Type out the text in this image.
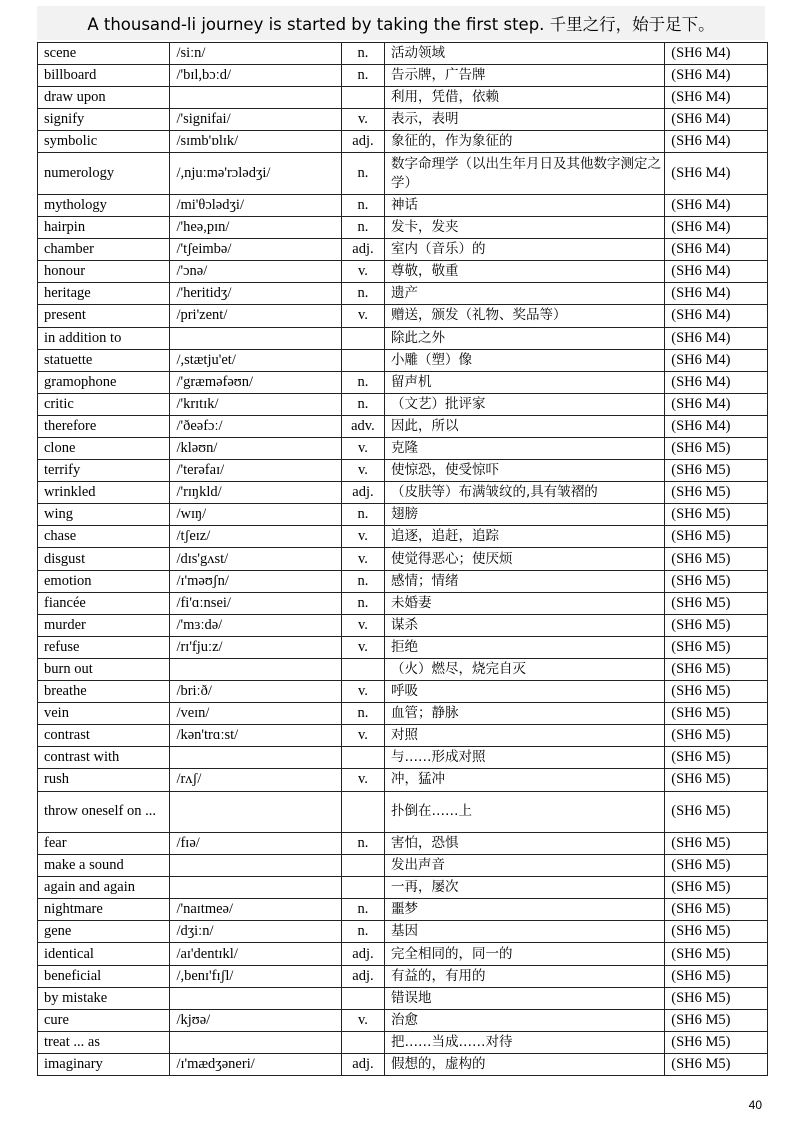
A thousand-li journey is started by taking the first step. 千里之行，始于足下。
scene	/siːn/	n.	活动领域	(SH6 M4)
billboard	/'bɪl,bɔːd/	n.	告示牌，广告牌	(SH6 M4)
draw upon			利用，凭借，依赖	(SH6 M4)
signify	/'signifai/	v.	表示，表明	(SH6 M4)
symbolic	/sɪmb'ɒlɪk/	adj.	象征的，作为象征的	(SH6 M4)
numerology	/,njuːmə'rɔlədʒi/	n.	数字命理学（以出生年月日及其他数字测定之学）	(SH6 M4)
mythology	/mi'θɔlədʒi/	n.	神话	(SH6 M4)
hairpin	/'heə,pɪn/	n.	发卡，发夹	(SH6 M4)
chamber	/'tʃeimbə/	adj.	室内（音乐）的	(SH6 M4)
honour	/'ɔnə/	v.	尊敬，敬重	(SH6 M4)
heritage	/'heritidʒ/	n.	遗产	(SH6 M4)
present	/pri'zent/	v.	赠送，颁发（礼物、奖品等）	(SH6 M4)
in addition to			除此之外	(SH6 M4)
statuette	/,stætju'et/		小雕（塑）像	(SH6 M4)
gramophone	/'græməfəʊn/	n.	留声机	(SH6 M4)
critic	/'krɪtɪk/	n.	（文艺）批评家	(SH6 M4)
therefore	/'ðeəfɔː/	adv.	因此，所以	(SH6 M4)
clone	/kləʊn/	v.	克隆	(SH6 M5)
terrify	/'terəfaɪ/	v.	使惊恐，使受惊吓	(SH6 M5)
wrinkled	/'rɪŋkld/	adj.	（皮肤等）布满皱纹的,具有皱褶的	(SH6 M5)
wing	/wɪŋ/	n.	翅膀	(SH6 M5)
chase	/tʃeɪz/	v.	追逐，追赶，追踪	(SH6 M5)
disgust	/dɪs'gʌst/	v.	使觉得恶心；使厌烦	(SH6 M5)
emotion	/ɪ'məʊʃn/	n.	感情；情绪	(SH6 M5)
fiancée	/fi'ɑːnsei/	n.	未婚妻	(SH6 M5)
murder	/'mɜːdə/	v.	谋杀	(SH6 M5)
refuse	/rɪ'fjuːz/	v.	拒绝	(SH6 M5)
burn out			（火）燃尽，烧完自灭	(SH6 M5)
breathe	/briːð/	v.	呼吸	(SH6 M5)
vein	/veɪn/	n.	血管；静脉	(SH6 M5)
contrast	/kən'trɑːst/	v.	对照	(SH6 M5)
contrast with			与……形成对照	(SH6 M5)
rush	/rʌʃ/	v.	冲，猛冲	(SH6 M5)
throw oneself on ...			扑倒在……上	(SH6 M5)
fear	/fɪə/	n.	害怕，恐惧	(SH6 M5)
make a sound			发出声音	(SH6 M5)
again and again			一再，屡次	(SH6 M5)
nightmare	/'naɪtmeə/	n.	噩梦	(SH6 M5)
gene	/dʒiːn/	n.	基因	(SH6 M5)
identical	/aɪ'dentɪkl/	adj.	完全相同的，同一的	(SH6 M5)
beneficial	/,benɪ'fɪʃl/	adj.	有益的，有用的	(SH6 M5)
by mistake			错误地	(SH6 M5)
cure	/kjʊə/	v.	治愈	(SH6 M5)
treat ... as			把……当成……对待	(SH6 M5)
imaginary	/ɪ'mædʒəneri/	adj.	假想的，虚构的	(SH6 M5)
40
